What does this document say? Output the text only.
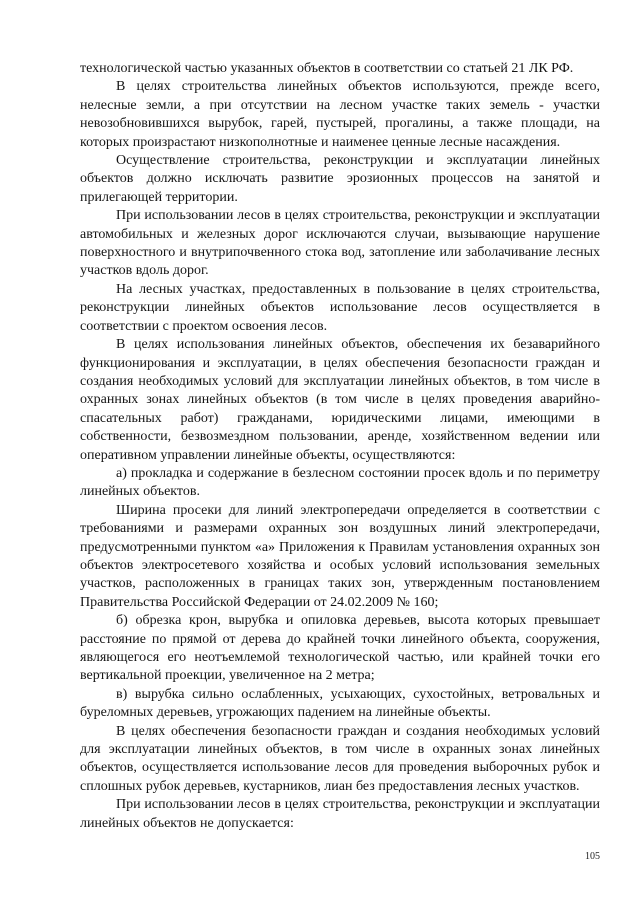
технологической частью указанных объектов в соответствии со статьей 21 ЛК РФ.

В целях строительства линейных объектов используются, прежде всего, нелесные земли, а при отсутствии на лесном участке таких земель - участки невозобновившихся вырубок, гарей, пустырей, прогалины, а также площади, на которых произрастают низкополнотные и наименее ценные лесные насаждения.

Осуществление строительства, реконструкции и эксплуатации линейных объектов должно исключать развитие эрозионных процессов на занятой и прилегающей территории.

При использовании лесов в целях строительства, реконструкции и эксплуатации автомобильных и железных дорог исключаются случаи, вызывающие нарушение поверхностного и внутрипочвенного стока вод, затопление или заболачивание лесных участков вдоль дорог.

На лесных участках, предоставленных в пользование в целях строительства, реконструкции линейных объектов использование лесов осуществляется в соответствии с проектом освоения лесов.

В целях использования линейных объектов, обеспечения их безаварийного функционирования и эксплуатации, в целях обеспечения безопасности граждан и создания необходимых условий для эксплуатации линейных объектов, в том числе в охранных зонах линейных объектов (в том числе в целях проведения аварийно-спасательных работ) гражданами, юридическими лицами, имеющими в собственности, безвозмездном пользовании, аренде, хозяйственном ведении или оперативном управлении линейные объекты, осуществляются:

а) прокладка и содержание в безлесном состоянии просек вдоль и по периметру линейных объектов.

Ширина просеки для линий электропередачи определяется в соответствии с требованиями и размерами охранных зон воздушных линий электропередачи, предусмотренными пунктом «а» Приложения к Правилам установления охранных зон объектов электросетевого хозяйства и особых условий использования земельных участков, расположенных в границах таких зон, утвержденным постановлением Правительства Российской Федерации от 24.02.2009 № 160;

б) обрезка крон, вырубка и опиловка деревьев, высота которых превышает расстояние по прямой от дерева до крайней точки линейного объекта, сооружения, являющегося его неотъемлемой технологической частью, или крайней точки его вертикальной проекции, увеличенное на 2 метра;

в) вырубка сильно ослабленных, усыхающих, сухостойных, ветровальных и буреломных деревьев, угрожающих падением на линейные объекты.

В целях обеспечения безопасности граждан и создания необходимых условий для эксплуатации линейных объектов, в том числе в охранных зонах линейных объектов, осуществляется использование лесов для проведения выборочных рубок и сплошных рубок деревьев, кустарников, лиан без предоставления лесных участков.

При использовании лесов в целях строительства, реконструкции и эксплуатации линейных объектов не допускается:

105
